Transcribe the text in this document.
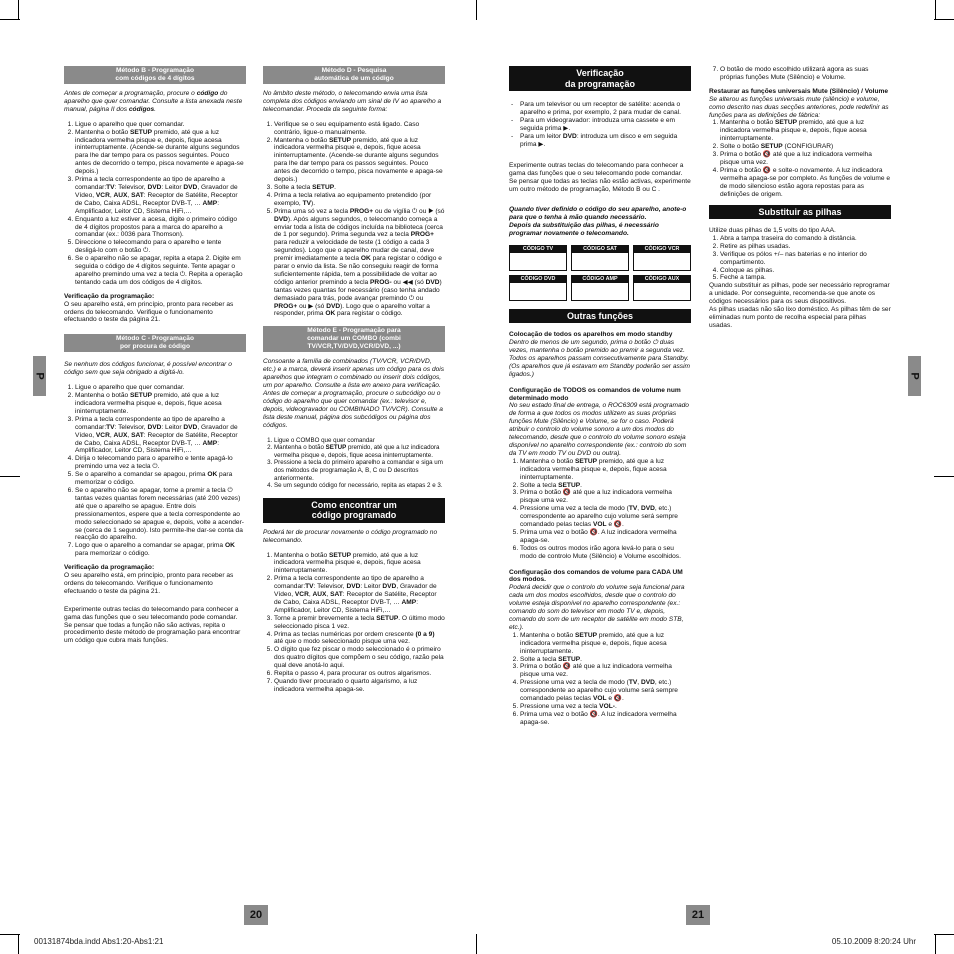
P	P
20	21
00131874bda.indd Abs1:20-Abs1:21	05.10.2009 8:20:24 Uhr
Método B - Programação
com códigos de 4 dígitos

Antes de começar a programação, procure o código do aparelho que quer comandar. Consulte a lista anexada neste manual, página II dos códigos.

1. Ligue o aparelho que quer comandar.
2. Mantenha o botão SETUP premido, até que a luz indicadora vermelha pisque e, depois, fique acesa ininterruptamente. (Acende-se durante alguns segundos para lhe dar tempo para os passos seguintes. Pouco antes de decorrido o tempo, pisca novamente e apaga-se depois.)
3. Prima a tecla correspondente ao tipo de aparelho a comandar:TV: Televisor, DVD: Leitor DVD, Gravador de Vídeo, VCR, AUX, SAT: Receptor de Satélite, Receptor de Cabo, Caixa ADSL, Receptor DVB-T, … AMP: Amplificador, Leitor CD, Sistema HiFi,…
4. Enquanto a luz estiver a acesa, digite o primeiro código de 4 dígitos propostos para a marca do aparelho a comandar (ex.: 0036 para Thomson).
5. Direccione o telecomando para o aparelho e tente desligá-lo com o botão ⏻.
6. Se o aparelho não se apagar, repita a etapa 2. Digite em seguida o código de 4 dígitos seguinte. Tente apagar o aparelho premindo uma vez a tecla ⏻. Repita a operação tentando cada um dos códigos de 4 dígitos.

Verificação da programação:

O seu aparelho está, em princípio, pronto para receber as ordens do telecomando. Verifique o funcionamento efectuando o teste da página 21.

Método C - Programação
por procura de código

Se nenhum dos códigos funcionar, é possível encontrar o código sem que seja obrigado a digitá-lo.

1. Ligue o aparelho que quer comandar.
2. Mantenha o botão SETUP premido, até que a luz indicadora vermelha pisque e, depois, fique acesa ininterruptamente.
3. Prima a tecla correspondente ao tipo de aparelho a comandar:TV: Televisor, DVD: Leitor DVD, Gravador de Vídeo, VCR, AUX, SAT: Receptor de Satélite, Receptor de Cabo, Caixa ADSL, Receptor DVB-T, … AMP: Amplificador, Leitor CD, Sistema HiFi,…
4. Dirija o telecomando para o aparelho e tente apagá-lo premindo uma vez a tecla ⏻.
5. Se o aparelho a comandar se apagou, prima OK para memorizar o código.
6. Se o aparelho não se apagar, torne a premir a tecla ⏻ tantas vezes quantas forem necessárias (até 200 vezes) até que o aparelho se apague. Entre dois pressionamentos, espere que a tecla correspondente ao modo seleccionado se apague e, depois, volte a acender-se (cerca de 1 segundo). Isto permite-lhe dar-se conta da reacção do aparelho.
7. Logo que o aparelho a comandar se apagar, prima OK para memorizar o código.

Verificação da programação:

O seu aparelho está, em princípio, pronto para receber as ordens do telecomando. Verifique o funcionamento efectuando o teste da página 21.

Experimente outras teclas do telecomando para conhecer a gama das funções que o seu telecomando pode comandar. Se pensar que todas a função não são activas, repita o procedimento deste método de programação para encontrar um código que cubra mais funções.

Método D - Pesquisa
automática de um código

No âmbito deste método, o telecomando envia uma lista completa dos códigos enviando um sinal de IV ao aparelho a telecomandar. Proceda da seguinte forma:

1. Verifique se o seu equipamento está ligado. Caso contrário, ligue-o manualmente.
2. Mantenha o botão SETUP premido, até que a luz indicadora vermelha pisque e, depois, fique acesa ininterruptamente. (Acende-se durante alguns segundos para lhe dar tempo para os passos seguintes. Pouco antes de decorrido o tempo, pisca novamente e apaga-se depois.)
3. Solte a tecla SETUP.
4. Prima a tecla relativa ao equipamento pretendido (por exemplo, TV).
5. Prima uma só vez a tecla PROG+ ou de vigília ⏻ ou ▶ (só DVD). Após alguns segundos, o telecomando começa a enviar toda a lista de códigos incluída na biblioteca (cerca de 1 por segundo). Prima segunda vez a tecla PROG+ para reduzir a velocidade de teste (1 código a cada 3 segundos). Logo que o aparelho mudar de canal, deve premir imediatamente a tecla OK para registar o código e parar o envio da lista. Se não conseguiu reagir de forma suficientemente rápida, tem a possibilidade de voltar ao código anterior premindo a tecla PROG- ou ◀◀ (só DVD) tantas vezes quantas for necessário (caso tenha andado demasiado para trás, pode avançar premindo ⏻ ou PROG+ ou ▶ (só DVD). Logo que o aparelho voltar a responder, prima OK para registar o código.
Método E - Programação para
comandar um COMBO (combi
TV/VCR,TV/DVD,VCR/DVD, ...)

Consoante a família de combinados (TV/VCR, VCR/DVD, etc.) e a marca, deverá inserir apenas um código para os dois aparelhos que integram o combinado ou inserir dois códigos, um por aparelho. Consulte a lista em anexo para verificação. Antes de começar a programação, procure o subcódigo ou o código do aparelho que quer comandar (ex.: televisor e, depois, videogravador ou COMBINADO TV/VCR). Consulte a lista deste manual, página dos subcódigos ou página dos códigos.

1. Ligue o COMBO que quer comandar
2. Mantenha o botão SETUP premido, até que a luz indicadora vermelha pisque e, depois, fique acesa ininterruptamente.
3. Pressione a tecla do primeiro aparelho a comandar e siga um dos métodos de programação A, B, C ou D descritos anteriormente.
4. Se um segundo código for necessário, repita as etapas 2 e 3.
Como encontrar um
código programado

Poderá ter de procurar novamente o código programado no telecomando.

1. Mantenha o botão SETUP premido, até que a luz indicadora vermelha pisque e, depois, fique acesa ininterruptamente.
2. Prima a tecla correspondente ao tipo de aparelho a comandar:TV: Televisor, DVD: Leitor DVD, Gravador de Vídeo, VCR, AUX, SAT: Receptor de Satélite, Receptor de Cabo, Caixa ADSL, Receptor DVB-T, … AMP: Amplificador, Leitor CD, Sistema HiFi,…
3. Torne a premir brevemente a tecla SETUP. O último modo seleccionado pisca 1 vez.
4. Prima as teclas numéricas por ordem crescente (0 a 9) até que o modo seleccionado pisque uma vez.
5. O dígito que fez piscar o modo seleccionado é o primeiro dos quatro dígitos que compõem o seu código, razão pela qual deve anotá-lo aqui.
6. Repita o passo 4, para procurar os outros algarismos.
7. Quando tiver procurado o quarto algarismo, a luz indicadora vermelha apaga-se.
Verificação
da programação
- Para um televisor ou um receptor de satélite: acenda o aparelho e prima, por exemplo, 2 para mudar de canal.
- Para um videogravador: introduza uma cassete e em seguida prima ▶.
- Para um leitor DVD: introduza um disco e em seguida prima ▶.

Experimente outras teclas do telecomando para conhecer a gama das funções que o seu telecomando pode comandar. Se pensar que todas as teclas não estão activas, experimente um outro método de programação, Método B ou C .

Quando tiver definido o código do seu aparelho, anote-o para que o tenha à mão quando necessário.

Depois da substituição das pilhas, é necessário programar novamente o telecomando.

CÓDIGO TV	CÓDIGO SAT	CÓDIGO VCR
CÓDIGO DVD	CÓDIGO AMP	CÓDIGO AUX
Outras funções

Colocação de todos os aparelhos em modo standby

Dentro de menos de um segundo, prima o botão ⏻ duas vezes, mantenha o botão premido ao premir a segunda vez. Todos os aparelhos passam consecutivamente para Standby. (Os aparelhos que já estavam em Standby poderão ser assim ligados.)

Configuração de TODOS os comandos de volume num determinado modo

No seu estado final de entrega, o ROC6309 está programado de forma a que todos os modos utilizem as suas próprias funções Mute (Silêncio) e Volume, se for o caso. Poderá atribuir o controlo do volume sonoro a um dos modos do telecomando, desde que o controlo do volume sonoro esteja disponível no aparelho correspondente (ex.: controlo do som da TV em modo TV ou DVD ou outra).

1. Mantenha o botão SETUP premido, até que a luz indicadora vermelha pisque e, depois, fique acesa ininterruptamente.
2. Solte a tecla SETUP.
3. Prima o botão 🔇 até que a luz indicadora vermelha pisque uma vez.
4. Pressione uma vez a tecla de modo (TV, DVD, etc.) correspondente ao aparelho cujo volume será sempre comandado pelas teclas VOL e 🔇.
5. Prima uma vez o botão 🔇. A luz indicadora vermelha apaga-se.
6. Todos os outros modos irão agora levá-lo para o seu modo de controlo Mute (Silêncio) e Volume escolhidos.

Configuração dos comandos de volume para CADA UM dos modos.

Poderá decidir que o controlo do volume seja funcional para cada um dos modos escolhidos, desde que o controlo do volume esteja disponível no aparelho correspondente (ex.: comando do som do televisor em modo TV e, depois, comando do som de um receptor de satélite em modo STB, etc.).

1. Mantenha o botão SETUP premido, até que a luz indicadora vermelha pisque e, depois, fique acesa ininterruptamente.
2. Solte a tecla SETUP.
3. Prima o botão 🔇 até que a luz indicadora vermelha pisque uma vez.
4. Pressione uma vez a tecla de modo (TV, DVD, etc.) correspondente ao aparelho cujo volume será sempre comandado pelas teclas VOL e 🔇.
5. Pressione uma vez a tecla VOL-.
6. Prima uma vez o botão 🔇. A luz indicadora vermelha apaga-se.
7. O botão de modo escolhido utilizará agora as suas próprias funções Mute (Silêncio) e Volume.

Restaurar as funções universais Mute (Silêncio) / Volume

Se alterou as funções universais mute (silêncio) e volume, como descrito nas duas secções anteriores, pode redefinir as funções para as definições de fábrica:

1. Mantenha o botão SETUP premido, até que a luz indicadora vermelha pisque e, depois, fique acesa ininterruptamente.
2. Solte o botão SETUP (CONFIGURAR)
3. Prima o botão 🔇 até que a luz indicadora vermelha pisque uma vez.
4. Prima o botão 🔇 e solte-o novamente. A luz indicadora vermelha apaga-se por completo. As funções de volume e de modo silencioso estão agora repostas para as definições de origem.
Substituir as pilhas

Utilize duas pilhas de 1,5 volts do tipo AAA.

1. Abra a tampa traseira do comando à distância.
2. Retire as pilhas usadas.
3. Verifique os pólos +/– nas baterias e no interior do compartimento.
4. Coloque as pilhas.
5. Feche a tampa.

Quando substituir as pilhas, pode ser necessário reprogramar a unidade. Por conseguinte, recomenda-se que anote os códigos necessários para os seus dispositivos.

As pilhas usadas não são lixo doméstico. As pilhas têm de ser eliminadas num ponto de recolha especial para pilhas usadas.
